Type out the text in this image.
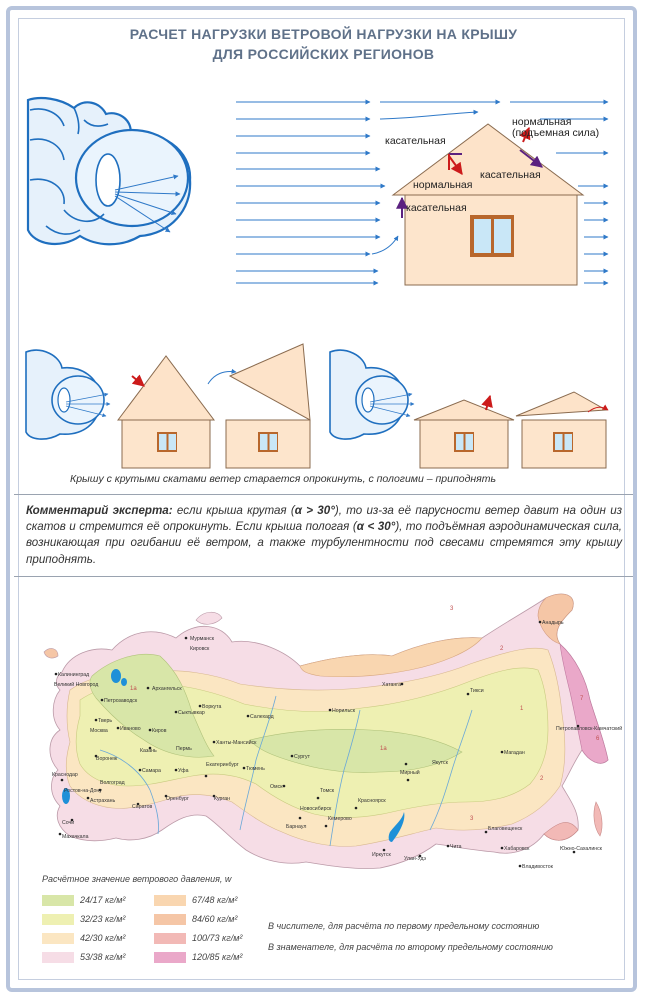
РАСЧЕТ НАГРУЗКИ ВЕТРОВОЙ НАГРУЗКИ НА КРЫШУ
ДЛЯ РОССИЙСКИХ РЕГИОНОВ
нормальная
(подъемная сила)
касательная
касательная
нормальная
касательная
Крышу с крутыми скатами ветер старается опрокинуть, с пологими – приподнять
Комментарий эксперта: если крыша крутая (α > 30°), то из-за её парусности ветер давит на один из скатов и стремится её опрокинуть. Если крыша пологая (α < 30°), то подъёмная аэродинамическая сила, возникающая при огибании её ветром, а также турбулентности под свесами стремятся эту крышу приподнять.
Мурманск
Кировск
Калининград
Архангельск
Петрозаводск
Великий Новгород
Тверь
Москва Иваново Киров
Сыктывкар
Воркута
Салехард
Ханты-Мансийск
Сургут
Пермь
Казань
Самара	Уфа
Екатеринбург
Тюмень
Омск
Томск
Новосибирск
Барнаул
Кемерово
Красноярск
Иркутск
Улан-Удэ
Чита
Якутск
Мирный
Норильск
Хатанга
Тикси
Магадан
Анадырь
Петропавловск-Камчатский
Хабаровск
Владивосток
Южно-Сахалинск
Благовещенск
Ростов-на-Дону
Волгоград
Астрахань
Краснодар
Сочи
Махачкала
Воронеж
Саратов
Оренбург	Курган
3
2
1
7
6
1а
1а
2
3
Расчётное значение ветрового давления, w
24/17 кг/м²
32/23 кг/м²
42/30 кг/м²
53/38 кг/м²
67/48 кг/м²
84/60 кг/м²
100/73 кг/м²
120/85 кг/м²
В числителе, для расчёта по первому предельному состоянию
В знаменателе, для расчёта по второму предельному состоянию
